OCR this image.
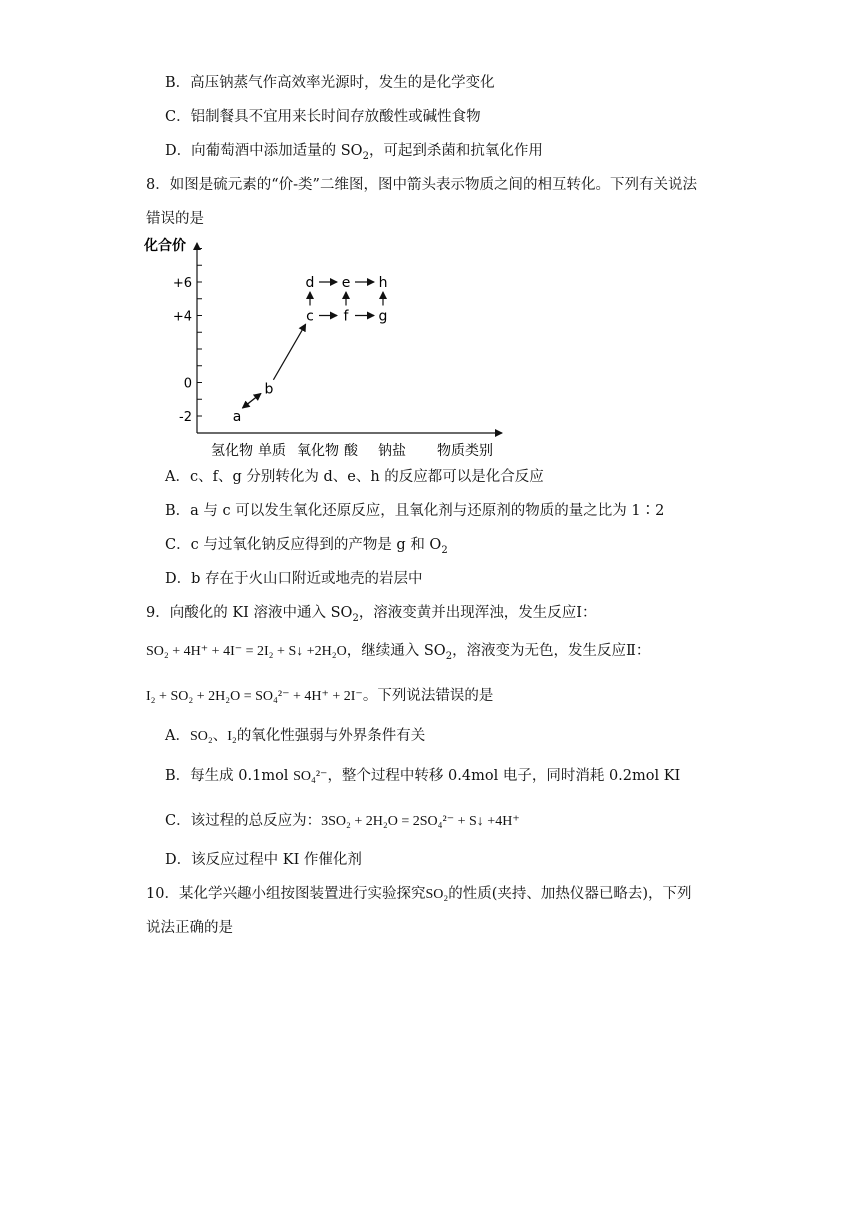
B．高压钠蒸气作高效率光源时，发生的是化学变化
C．铝制餐具不宜用来长时间存放酸性或碱性食物
D．向葡萄酒中添加适量的 $SO_2$，可起到杀菌和抗氧化作用
8．如图是硫元素的“价-类”二维图，图中箭头表示物质之间的相互转化。下列有关说法
错误的是
化合价
+6
+4
0
-2
氢化物 单质 氧化物 酸 钠盐 物质类别
a
b
c
d e
f g
h
A．c、f、g 分别转化为 d、e、h 的反应都可以是化合反应
B．a 与 c 可以发生氧化还原反应，且氧化剂与还原剂的物质的量之比为 1∶2
C．c 与过氧化钠反应得到的产物是 g 和 $O_2$
D．b 存在于火山口附近或地壳的岩层中
9．向酸化的 KI 溶液中通入 $SO_2$，溶液变黄并出现浑浊，发生反应Ⅰ：
SO₂ + 4H⁺ + 4I⁻ = 2I₂ + S↓ +2H₂O，继续通入 $SO_2$，溶液变为无色，发生反应Ⅱ：
I₂ + SO₂ + 2H₂O = SO₄²⁻ + 4H⁺ + 2I⁻。下列说法错误的是
A．SO₂、I₂的氧化性强弱与外界条件有关
B．每生成 0.1mol SO₄²⁻，整个过程中转移 0.4mol 电子，同时消耗 0.2mol KI
C．该过程的总反应为：3SO₂ + 2H₂O = 2SO₄²⁻ + S↓ +4H⁺
D．该反应过程中 KI 作催化剂
10．某化学兴趣小组按图装置进行实验探究SO₂的性质(夹持、加热仪器已略去)，下列
说法正确的是
